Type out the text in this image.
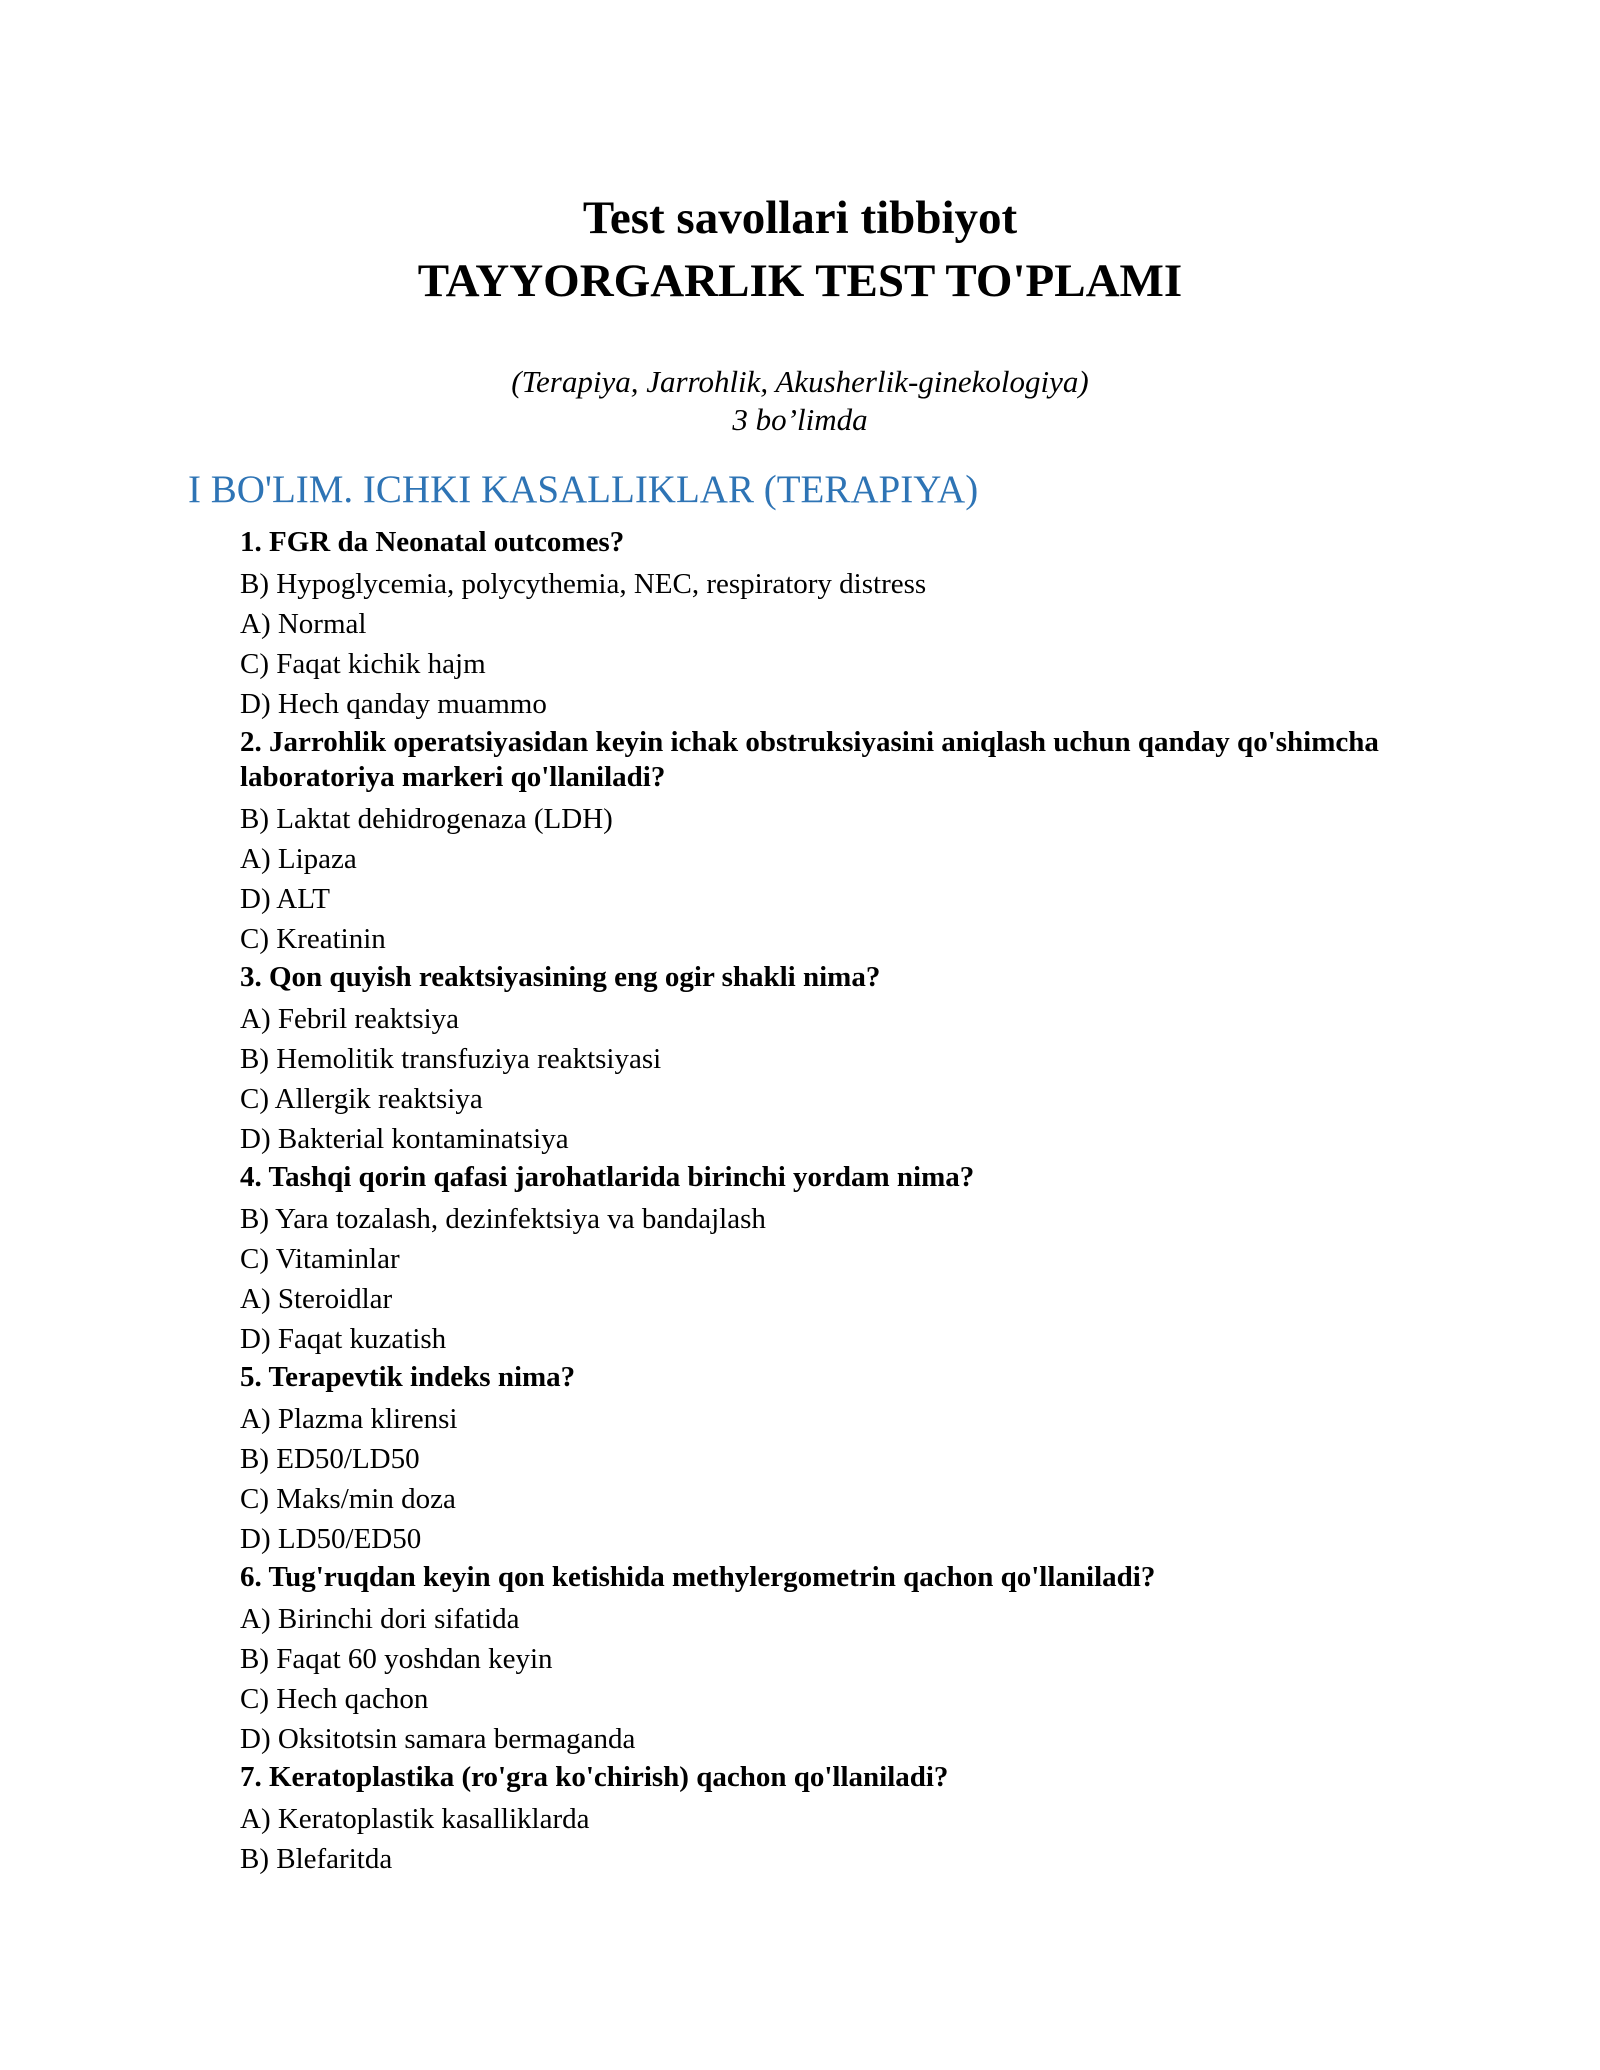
Test savollari tibbiyot
TAYYORGARLIK TEST TO'PLAMI
(Terapiya, Jarrohlik, Akusherlik-ginekologiya)
3 bo’limda
I BO'LIM. ICHKI KASALLIKLAR (TERAPIYA)
1. FGR da Neonatal outcomes?
B) Hypoglycemia, polycythemia, NEC, respiratory distress
A) Normal
C) Faqat kichik hajm
D) Hech qanday muammo
2. Jarrohlik operatsiyasidan keyin ichak obstruksiyasini aniqlash uchun qanday qo'shimcha laboratoriya markeri qo'llaniladi?
B) Laktat dehidrogenaza (LDH)
A) Lipaza
D) ALT
C) Kreatinin
3. Qon quyish reaktsiyasining eng ogir shakli nima?
A) Febril reaktsiya
B) Hemolitik transfuziya reaktsiyasi
C) Allergik reaktsiya
D) Bakterial kontaminatsiya
4. Tashqi qorin qafasi jarohatlarida birinchi yordam nima?
B) Yara tozalash, dezinfektsiya va bandajlash
C) Vitaminlar
A) Steroidlar
D) Faqat kuzatish
5. Terapevtik indeks nima?
A) Plazma klirensi
B) ED50/LD50
C) Maks/min doza
D) LD50/ED50
6. Tug'ruqdan keyin qon ketishida methylergometrin qachon qo'llaniladi?
A) Birinchi dori sifatida
B) Faqat 60 yoshdan keyin
C) Hech qachon
D) Oksitotsin samara bermaganda
7. Keratoplastika (ro'gra ko'chirish) qachon qo'llaniladi?
A) Keratoplastik kasalliklarda
B) Blefaritda
